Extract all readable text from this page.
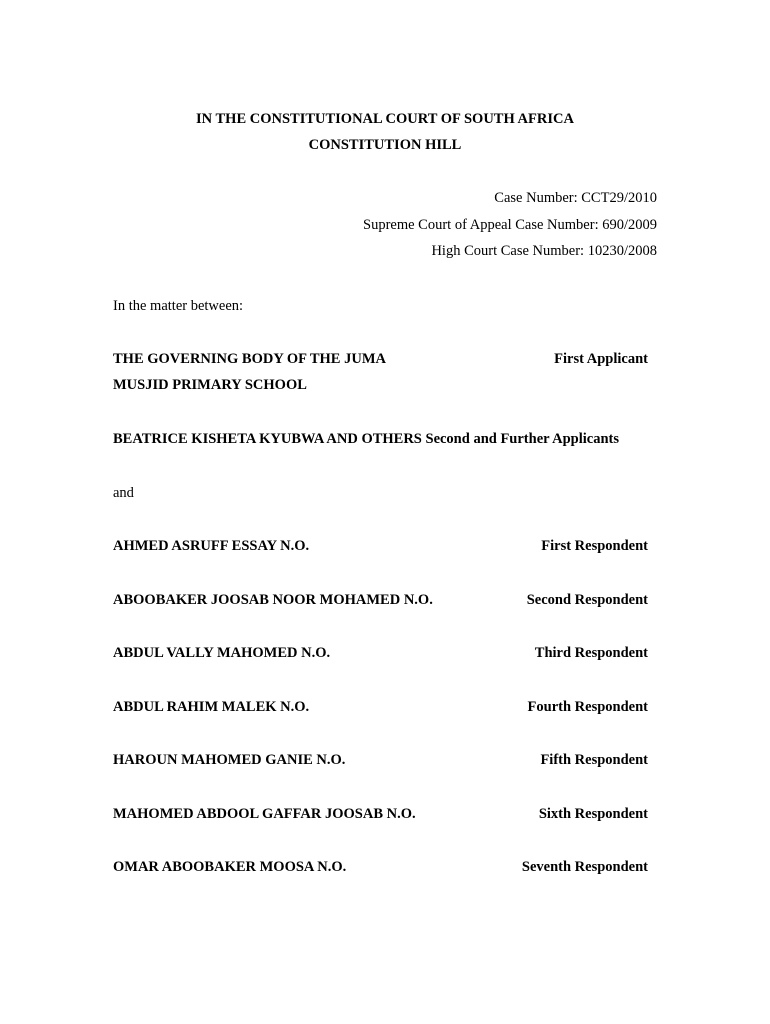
IN THE CONSTITUTIONAL COURT OF SOUTH AFRICA
CONSTITUTION HILL
Case Number: CCT29/2010
Supreme Court of Appeal Case Number: 690/2009
High Court Case Number: 10230/2008
In the matter between:
THE GOVERNING BODY OF THE JUMA	First Applicant
MUSJID PRIMARY SCHOOL
BEATRICE KISHETA KYUBWA AND OTHERS Second and Further Applicants
and
AHMED ASRUFF ESSAY N.O.	First Respondent
ABOOBAKER JOOSAB NOOR MOHAMED N.O.	Second Respondent
ABDUL VALLY MAHOMED N.O.	Third Respondent
ABDUL RAHIM MALEK N.O.	Fourth Respondent
HAROUN MAHOMED GANIE N.O.	Fifth Respondent
MAHOMED ABDOOL GAFFAR JOOSAB N.O.	Sixth Respondent
OMAR ABOOBAKER MOOSA N.O.	Seventh Respondent
